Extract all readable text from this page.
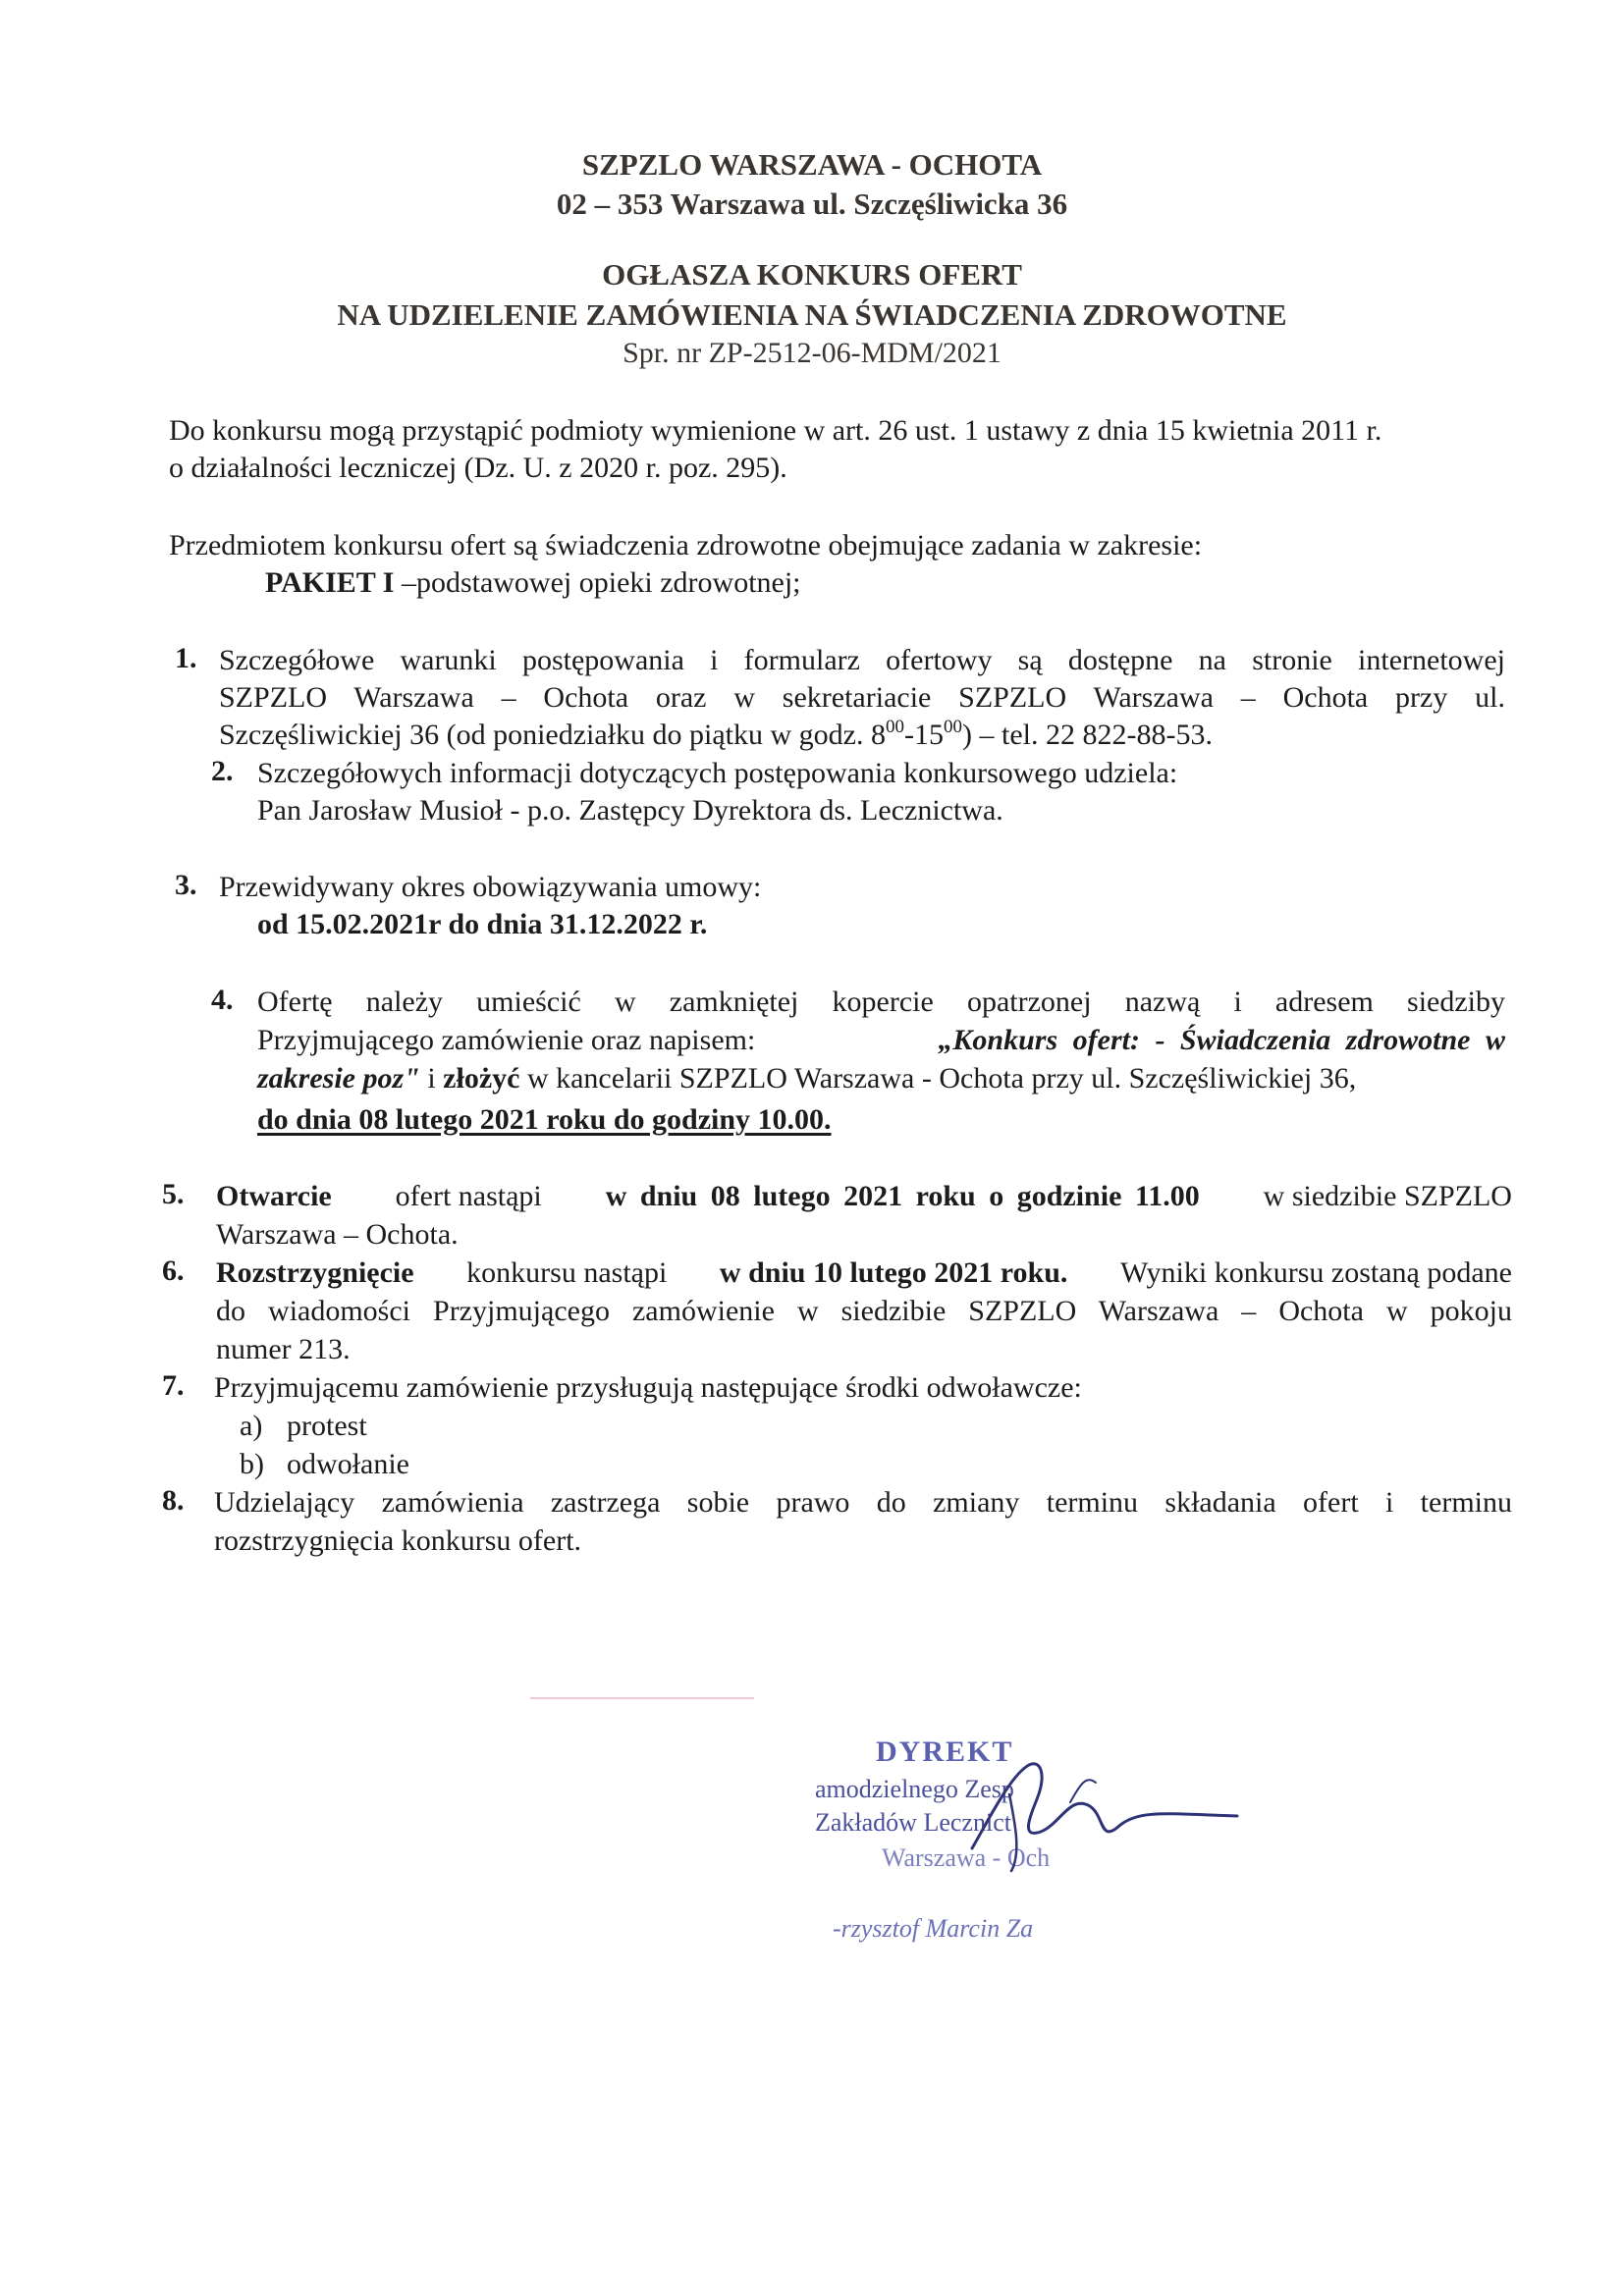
SZPZLO WARSZAWA - OCHOTA
02 – 353 Warszawa ul. Szczęśliwicka 36
OGŁASZA KONKURS OFERT
NA UDZIELENIE ZAMÓWIENIA NA ŚWIADCZENIA ZDROWOTNE
Spr. nr ZP-2512-06-MDM/2021
Do konkursu mogą przystąpić podmioty wymienione w art. 26 ust. 1 ustawy z dnia 15 kwietnia 2011 r.
o działalności leczniczej (Dz. U. z 2020 r. poz. 295).
Przedmiotem konkursu ofert są świadczenia zdrowotne obejmujące zadania w zakresie:
PAKIET I –podstawowej opieki zdrowotnej;
1. Szczegółowe warunki postępowania i formularz ofertowy są dostępne na stronie internetowej
SZPZLO Warszawa – Ochota oraz w sekretariacie SZPZLO Warszawa – Ochota przy ul.
Szczęśliwickiej 36 (od poniedziałku do piątku w godz. $8^{00}-15^{00}$) – tel. 22 822-88-53.
2. Szczegółowych informacji dotyczących postępowania konkursowego udziela:
Pan Jarosław Musioł - p.o. Zastępcy Dyrektora ds. Lecznictwa.
3. Przewidywany okres obowiązywania umowy:
od 15.02.2021r do dnia 31.12.2022 r.
4. Ofertę należy umieścić w zamkniętej kopercie opatrzonej nazwą i adresem siedziby
Przyjmującego zamówienie oraz napisem:	„Konkurs ofert: - Świadczenia zdrowotne w
zakresie poz" i złożyć w kancelarii SZPZLO Warszawa - Ochota przy ul. Szczęśliwickiej 36,
do dnia 08 lutego 2021 roku do godziny 10.00.
5. Otwarcie ofert nastąpi w dniu 08 lutego 2021 roku o godzinie 11.00 w siedzibie SZPZLO
Warszawa – Ochota.
6. Rozstrzygnięcie konkursu nastąpi w dniu 10 lutego 2021 roku. Wyniki konkursu zostaną podane
do wiadomości Przyjmującego zamówienie w siedzibie SZPZLO Warszawa – Ochota w pokoju
numer 213.
7. Przyjmującemu zamówienie przysługują następujące środki odwoławcze:
a) protest
b) odwołanie
8. Udzielający zamówienia zastrzega sobie prawo do zmiany terminu składania ofert i terminu
rozstrzygnięcia konkursu ofert.
DYREKT
amodzielnego Zesp
Zakładów Lecznict
Warszawa - Och
-rzysztof Marcin Za
